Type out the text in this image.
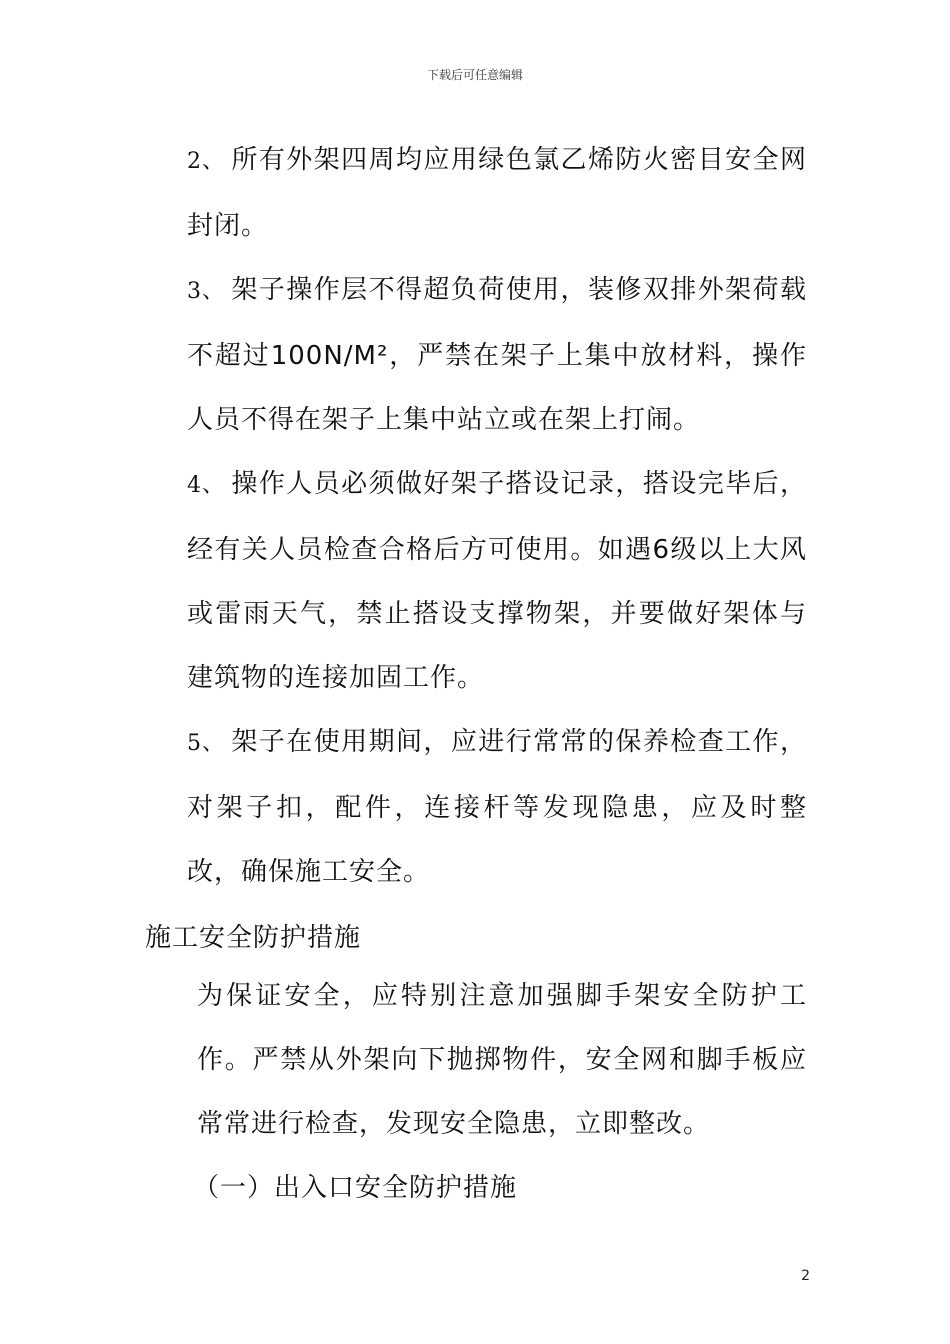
下载后可任意编辑

2、 所有外架四周均应用绿色氯乙烯防火密目安全网封闭。

3、 架子操作层不得超负荷使用，装修双排外架荷载不超过100N/M²，严禁在架子上集中放材料，操作人员不得在架子上集中站立或在架上打闹。

4、 操作人员必须做好架子搭设记录，搭设完毕后，经有关人员检查合格后方可使用。如遇6级以上大风或雷雨天气，禁止搭设支撑物架，并要做好架体与建筑物的连接加固工作。

5、 架子在使用期间，应进行常常的保养检查工作，对架子扣，配件，连接杆等发现隐患，应及时整改，确保施工安全。

施工安全防护措施

为保证安全，应特别注意加强脚手架安全防护工作。严禁从外架向下抛掷物件，安全网和脚手板应常常进行检查，发现安全隐患，立即整改。

（一）出入口安全防护措施

2
